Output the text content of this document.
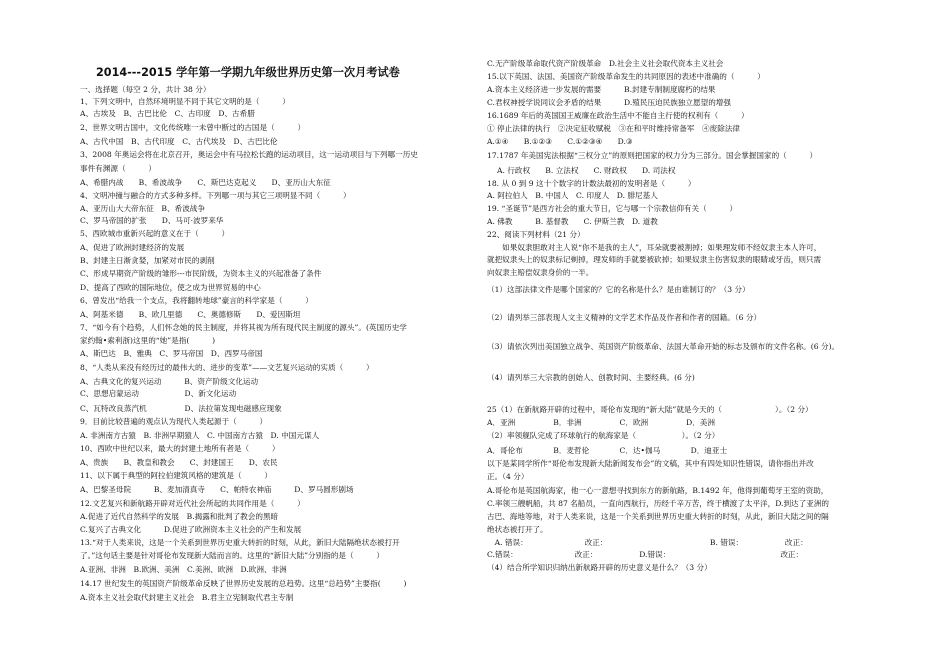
2014---2015 学年第一学期九年级世界历史第一次月考试卷
一、选择题（每空 2 分，共计 38 分）
1、下列文明中，自然环境明显不同于其它文明的是（　　　）
A、古埃及　B、古巴比伦　C、古印度　D、古希腊
2、世界文明古国中，文化传统唯一未曾中断过的古国是（　　　）
A、古代中国　B、古代印度　C、古代埃及　D、古巴比伦
3、2008 年奥运会将在北京召开，奥运会中有马拉松长跑的运动项目，这一运动项目与下列哪一历史
事件有渊源（　　　）
A、希腊内战　　B、希波战争　　C、斯巴达克起义　　D、亚历山大东征
4、文明冲撞与融合的方式多种多样。下列哪一项与其它三项明显不同（　　　）
A、亚历山大大帝东征　B、希波战争
C、罗马帝国的扩张　　D、马可·波罗来华
5、西欧城市重新兴起的意义在于（　　　）
A、促进了欧洲封建经济的发展
B、封建主日渐贪婪，加紧对市民的剥削
C、形成早期资产阶级的雏形---市民阶级，为资本主义的兴起准备了条件
D、提高了西欧的国际地位，使之成为世界贸易的中心
6、曾发出“给我一个支点，我将翻转地球”豪言的科学家是（　　　）
A、阿基米德　　B、欧几里德　　C、奥德修斯　　D、爱因斯坦
7、“如今有个趋势，人们怀念她的民主制度，并将其视为所有现代民主制度的源头”。(英国历史学
家约翰•索利浙)这里的“她”是指(　　　)
A、斯巴达　B、雅典　C、罗马帝国　D、西罗马帝国
8、“人类从来没有经历过的最伟大的、进步的变革”——文艺复兴运动的实质（　　　）
A、古典文化的复兴运动　　　B、资产阶级文化运动
C、思想启蒙运动　　　　　　D、新文化运动
C、瓦特改良蒸汽机　　　　　D、法拉第发现电磁感应现象
9．目前比较普遍的观点认为现代人类起源于（　　　）
A. 非洲南方古猿　B. 非洲早期猿人　C. 中国南方古猿　D. 中国元谋人
10、西欧中世纪以来，最大的封建土地所有者是（　　　）
A、贵族　　B、教皇和教会　　C、封建国王　　D、农民
11、以下属于典型的阿拉伯建筑风格的建筑是（　　　）
A、巴黎圣母院　　　B、麦加清真寺　　C、帕特农神庙　　　D、罗马圆形剧场
12.文艺复兴和新航路开辟对近代社会所起的共同作用是（　　　）
A.促进了近代自然科学的发展　B.揭露和批判了教会的黑暗
C.复兴了古典文化　　　D.促进了欧洲资本主义社会的产生和发展
13.“对于人类来说，这是一个关系到世界历史重大转折的时刻，从此，新旧大陆隔绝状态被打开
了。”这句话主要是针对哥伦布发现新大陆而言的。这里的“新旧大陆”分别指的是（　　　）
A.亚洲、非洲　B.欧洲、美洲　C.美洲、欧洲　D.欧洲、非洲
14.17 世纪发生的英国资产阶级革命反映了世界历史发展的总趋势。这里“总趋势”主要指(　　　)
A.资本主义社会取代封建主义社会　B.君主立宪制取代君主专制
C.无产阶级革命取代资产阶级革命　D.社会主义社会取代资本主义社会
15.以下英国、法国、美国资产阶级革命发生的共同原因的表述中准确的（　　　）
A.资本主义经济进一步发展的需要　　　B.封建专制制度腐朽的结果
C.君权神授学说同议会矛盾的结果　　　D.殖民压迫民族独立愿望的增强
16.1689 年后的英国国王威廉在政治生活中不能自主行使的权利有（　　　）
① 停止法律的执行　②决定征收赋税　③在和平时维持常备军　④废除法律
A.①④　　B.①②③　　C.①②③④　　D.③
17.1787 年美国宪法根据“三权分立”的原则把国家的权力分为三部分。国会掌握国家的（　　　）
A. 行政权　　B. 立法权　　C. 财政权　　D. 司法权
18. 从 0 到 9 这十个数字的计数法最初的发明者是（　　　）
A. 阿拉伯人　B. 中国人　C. 印度人　D. 腓尼基人
19. “圣诞节”是西方社会的重大节日，它与哪一个宗教信仰有关（　　　）
A. 佛教　　　B. 基督教　　C. 伊斯兰教　D. 道教
22、阅读下列材料（21 分）
　　如果奴隶胆敢对主人说“你不是我的主人”，耳朵就要被割掉；如果理发师不经奴隶主本人许可，
就把奴隶头上的奴隶标记剃掉，理发师的手就要被砍掉；如果奴隶主伤害奴隶的眼睛或牙齿，则只需
向奴隶主赔偿奴隶身价的一半。
（1）这部法律文件是哪个国家的？它的名称是什么？是由谁制订的？（3 分）
（2）请列举三部表现人文主义精神的文学艺术作品及作者和作者的国籍。（6 分）
（3）请依次列出美国独立战争、英国资产阶级革命、法国大革命开始的标志及颁布的文件名称。(6 分)。
（4）请列举三大宗教的创始人、创教时间、主要经典。(6 分)
25（1）在新航路开辟的过程中，哥伦布发现的“新大陆”就是今天的（　　　　　　　）。（2 分）
A．亚洲　　　　　B．非洲　　　　　C．欧洲　　　　　D．美洲
（2）率领舰队完成了环球航行的航海家是（　　　　　　）。（2 分）
A．哥伦布　　　　B．麦哲伦　　　　C．达•伽马　　　　D．迪亚士
以下是某同学所作“哥伦布发现新大陆新闻发布会”的文稿，其中有四处知识性错误，请你指出并改
正。（4 分）
A.哥伦布是英国航海家，他一心一意想寻找到东方的新航路，B.1492 年，他得到葡萄牙王室的资助，
C.率领三艘帆船，共 87 名船员，一直向西航行，历经千辛万苦，终于横渡了太平洋，D.到达了亚洲的
古巴、海地等地，对于人类来说，这是一个关系到世界历史重大转折的时刻，从此，新旧大陆之间的隔
绝状态被打开了。
　A. 错误：　　　　　　　　改正：　　　　　　　　　　　　　　B. 错误：　　　　　　改正：
C.错误：　　　　　　　　改正：　　　　　　D.错误：　　　　　　　　　　　　　　　改正：
（4）结合所学知识归纳出新航路开辟的历史意义是什么？（3 分）
